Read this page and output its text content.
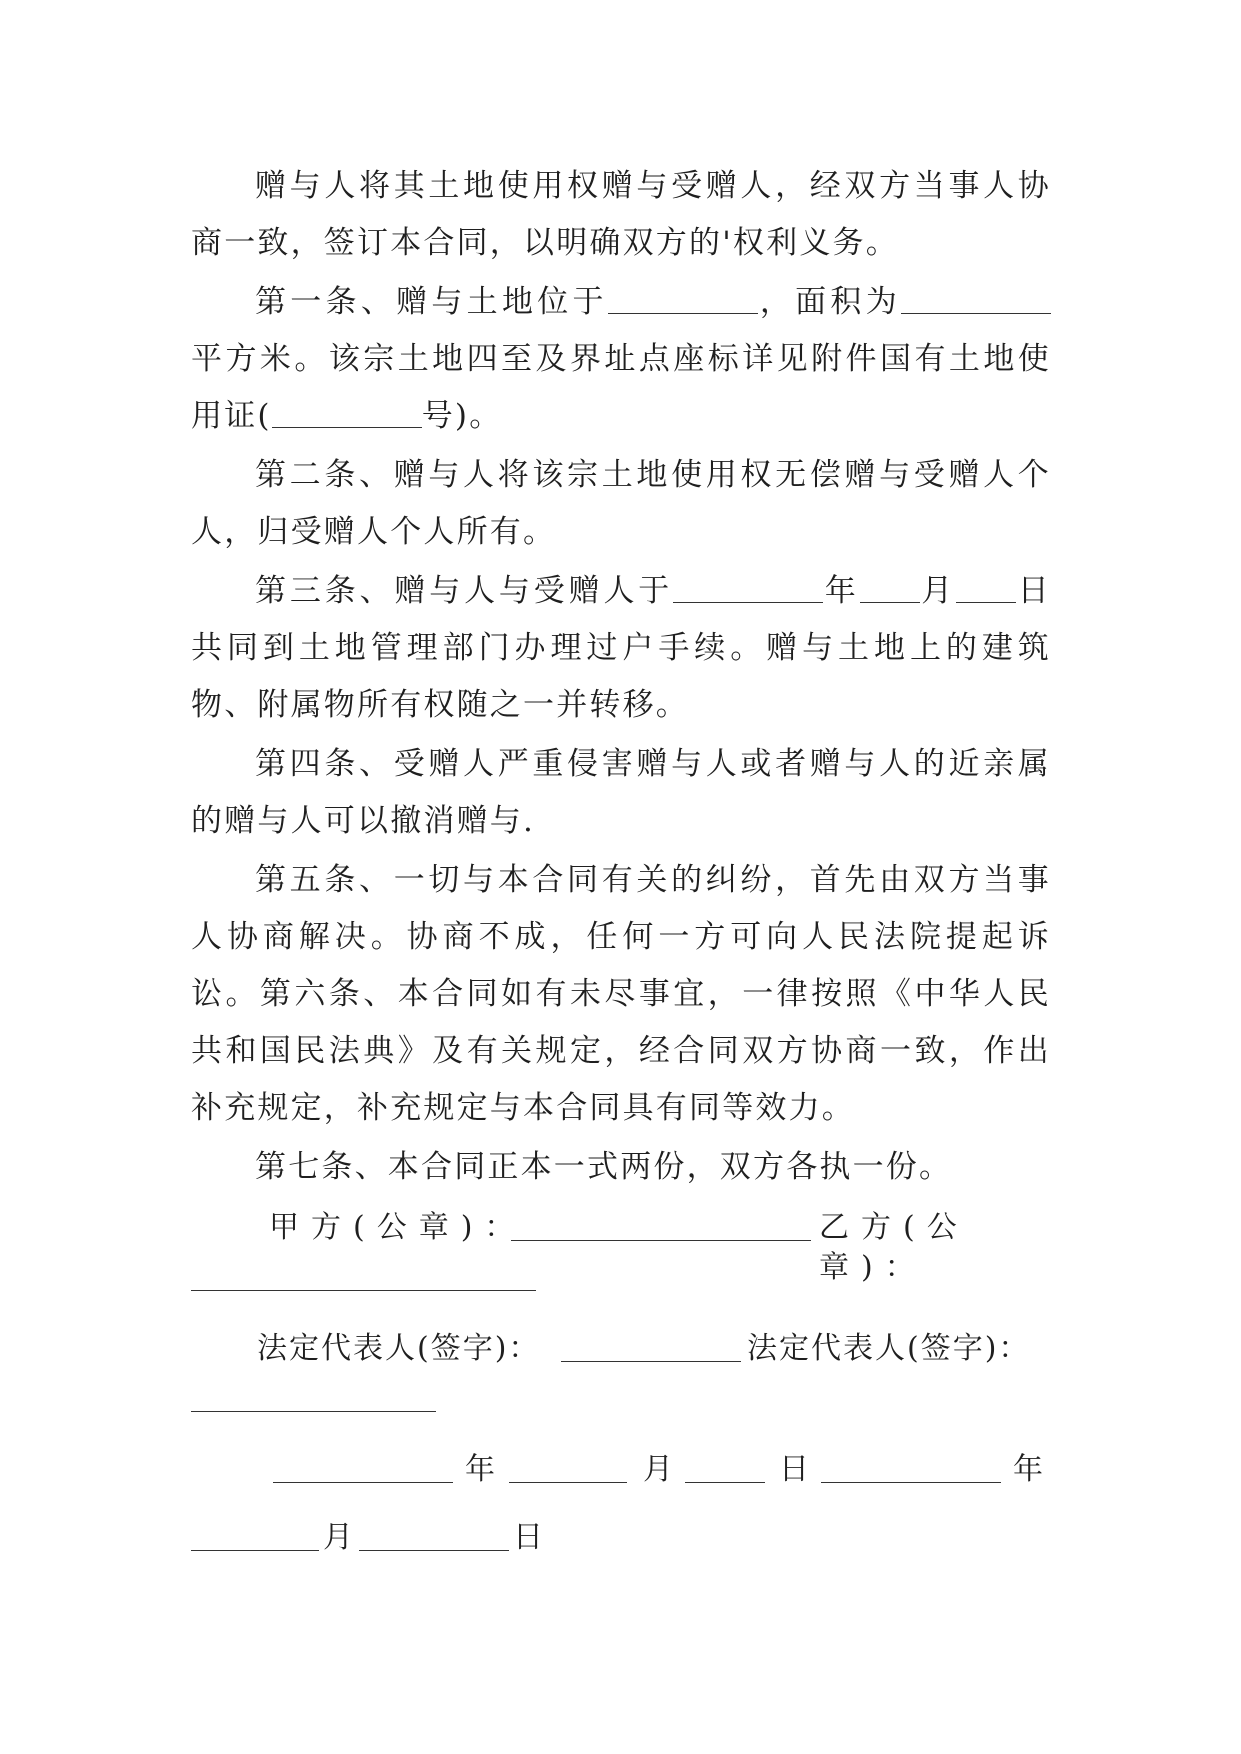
赠与人将其土地使用权赠与受赠人，经双方当事人协商一致，签订本合同，以明确双方的'权利义务。

第一条、赠与土地位于	，面积为平方米。该宗土地四至及界址点座标详见附件国有土地使用证(	号)。

第二条、赠与人将该宗土地使用权无偿赠与受赠人个人，归受赠人个人所有。

第三条、赠与人与受赠人于	年 月 日共同到土地管理部门办理过户手续。赠与土地上的建筑物、附属物所有权随之一并转移。

第四条、受赠人严重侵害赠与人或者赠与人的近亲属的赠与人可以撤消赠与.

第五条、一切与本合同有关的纠纷，首先由双方当事人协商解决。协商不成，任何一方可向人民法院提起诉讼。第六条、本合同如有未尽事宜，一律按照《中华人民共和国民法典》及有关规定，经合同双方协商一致，作出补充规定，补充规定与本合同具有同等效力。

第七条、本合同正本一式两份，双方各执一份。

甲方(公章)：	乙方(公章)：
法定代表人(签字)：	法定代表人(签字)：
年	月	日	年
月	日
